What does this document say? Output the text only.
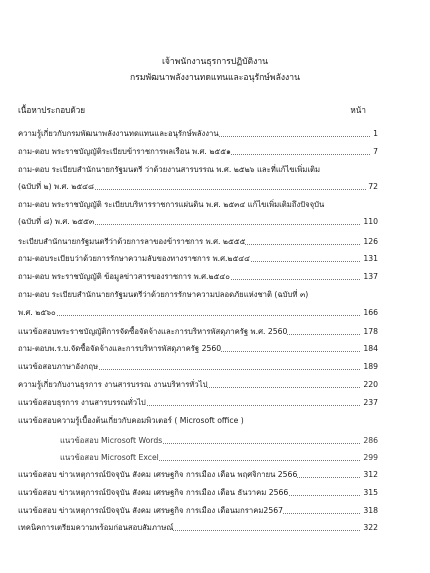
เจ้าพนักงานธุรการปฏิบัติงาน
กรมพัฒนาพลังงานทดแทนและอนุรักษ์พลังงาน
เนื้อหาประกอบด้วย	หน้า
ความรู้เกี่ยวกับกรมพัฒนาพลังงานทดแทนและอนุรักษ์พลังงาน	1
ถาม-ตอบ พระราชบัญญัติระเบียบข้าราชการพลเรือน พ.ศ. ๒๕๕๑	7
ถาม-ตอบ ระเบียบสำนักนายกรัฐมนตรี ว่าด้วยงานสารบรรณ พ.ศ. ๒๕๒๖ และที่แก้ไขเพิ่มเติม
(ฉบับที่ ๒) พ.ศ. ๒๕๔๘	72
ถาม-ตอบ พระราชบัญญัติ ระเบียบบริหารราชการแผ่นดิน พ.ศ. ๒๕๓๔ แก้ไขเพิ่มเติมถึงปัจจุบัน
(ฉบับที่ ๘) พ.ศ. ๒๕๕๓	110
ระเบียบสำนักนายกรัฐมนตรีว่าด้วยการลาของข้าราชการ พ.ศ. ๒๕๕๕	126
ถาม-ตอบระเบียบว่าด้วยการรักษาความลับของทางราชการ พ.ศ.๒๕๔๔	131
ถาม-ตอบ พระราชบัญญัติ ข้อมูลข่าวสารของราชการ พ.ศ.๒๕๔๐	137
ถาม-ตอบ ระเบียบสำนักนายกรัฐมนตรีว่าด้วยการรักษาความปลอดภัยแห่งชาติ (ฉบับที่ ๓)
พ.ศ. ๒๕๖๐	166
แนวข้อสอบพระราชบัญญัติการจัดซื้อจัดจ้างและการบริหารพัสดุภาครัฐ พ.ศ. 2560	178
ถาม-ตอบพ.ร.บ.จัดซื้อจัดจ้างและการบริหารพัสดุภาครัฐ 2560	184
แนวข้อสอบภาษาอังกฤษ	189
ความรู้เกี่ยวกับงานธุรการ งานสารบรรณ งานบริหารทั่วไป	220
แนวข้อสอบธุรการ งานสารบรรณทั่วไป	237
แนวข้อสอบความรู้เบื้องต้นเกี่ยวกับคอมพิวเตอร์ ( Microsoft office )
แนวข้อสอบ Microsoft Words	286
แนวข้อสอบ Microsoft Excel	299
แนวข้อสอบ ข่าวเหตุการณ์ปัจจุบัน สังคม เศรษฐกิจ การเมือง เดือน พฤศจิกายน 2566	312
แนวข้อสอบ ข่าวเหตุการณ์ปัจจุบัน สังคม เศรษฐกิจ การเมือง เดือน ธันวาคม 2566	315
แนวข้อสอบ ข่าวเหตุการณ์ปัจจุบัน สังคม เศรษฐกิจ การเมือง เดือนมกราคม2567	318
เทคนิคการเตรียมความพร้อมก่อนสอบสัมภาษณ์	322
